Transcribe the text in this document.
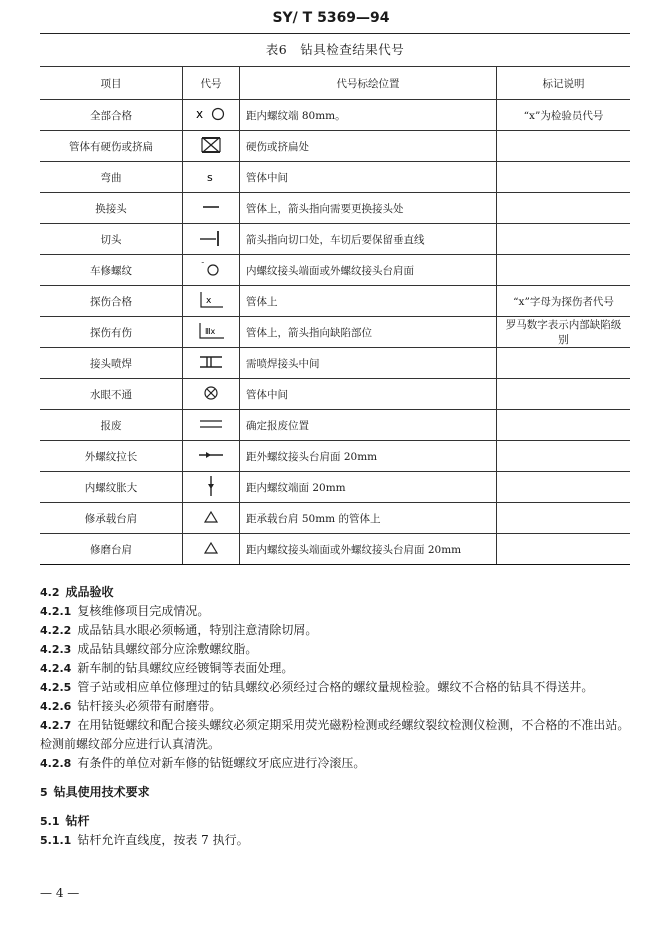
SY/ T 5369—94
表6　钻具检查结果代号
项目	代号	代号标绘位置	标记说明
全部合格	x	距内螺纹端 80mm。	“x”为检验员代号
管体有硬伤或挤扁		硬伤或挤扁处	
弯曲	s	管体中间	
换接头		管体上，箭头指向需要更换接头处	
切头		箭头指向切口处，车切后要保留垂直线	
车修螺纹	˘	内螺纹接头端面或外螺纹接头台肩面	
探伤合格	x	管体上	“x”字母为探伤者代号
探伤有伤	Ⅲx	管体上，箭头指向缺陷部位	罗马数字表示内部缺陷级别
接头喷焊		需喷焊接头中间	
水眼不通		管体中间	
报废		确定报废位置	
外螺纹拉长		距外螺纹接头台肩面 20mm	
内螺纹胀大		距内螺纹端面 20mm	
修承载台肩		距承载台肩 50mm 的管体上	
修磨台肩		距内螺纹接头端面或外螺纹接头台肩面 20mm	
4.2 成品验收
4.2.1 复核维修项目完成情况。
4.2.2 成品钻具水眼必须畅通，特别注意清除切屑。
4.2.3 成品钻具螺纹部分应涂敷螺纹脂。
4.2.4 新车制的钻具螺纹应经镀铜等表面处理。
4.2.5 管子站或相应单位修理过的钻具螺纹必须经过合格的螺纹量规检验。螺纹不合格的钻具不得送井。
4.2.6 钻杆接头必须带有耐磨带。
4.2.7 在用钻铤螺纹和配合接头螺纹必须定期采用荧光磁粉检测或经螺纹裂纹检测仪检测，不合格的不准出站。检测前螺纹部分应进行认真清洗。
4.2.8 有条件的单位对新车修的钻铤螺纹牙底应进行冷滚压。
5 钻具使用技术要求
5.1 钻杆
5.1.1 钻杆允许直线度，按表 7 执行。
— 4 —
